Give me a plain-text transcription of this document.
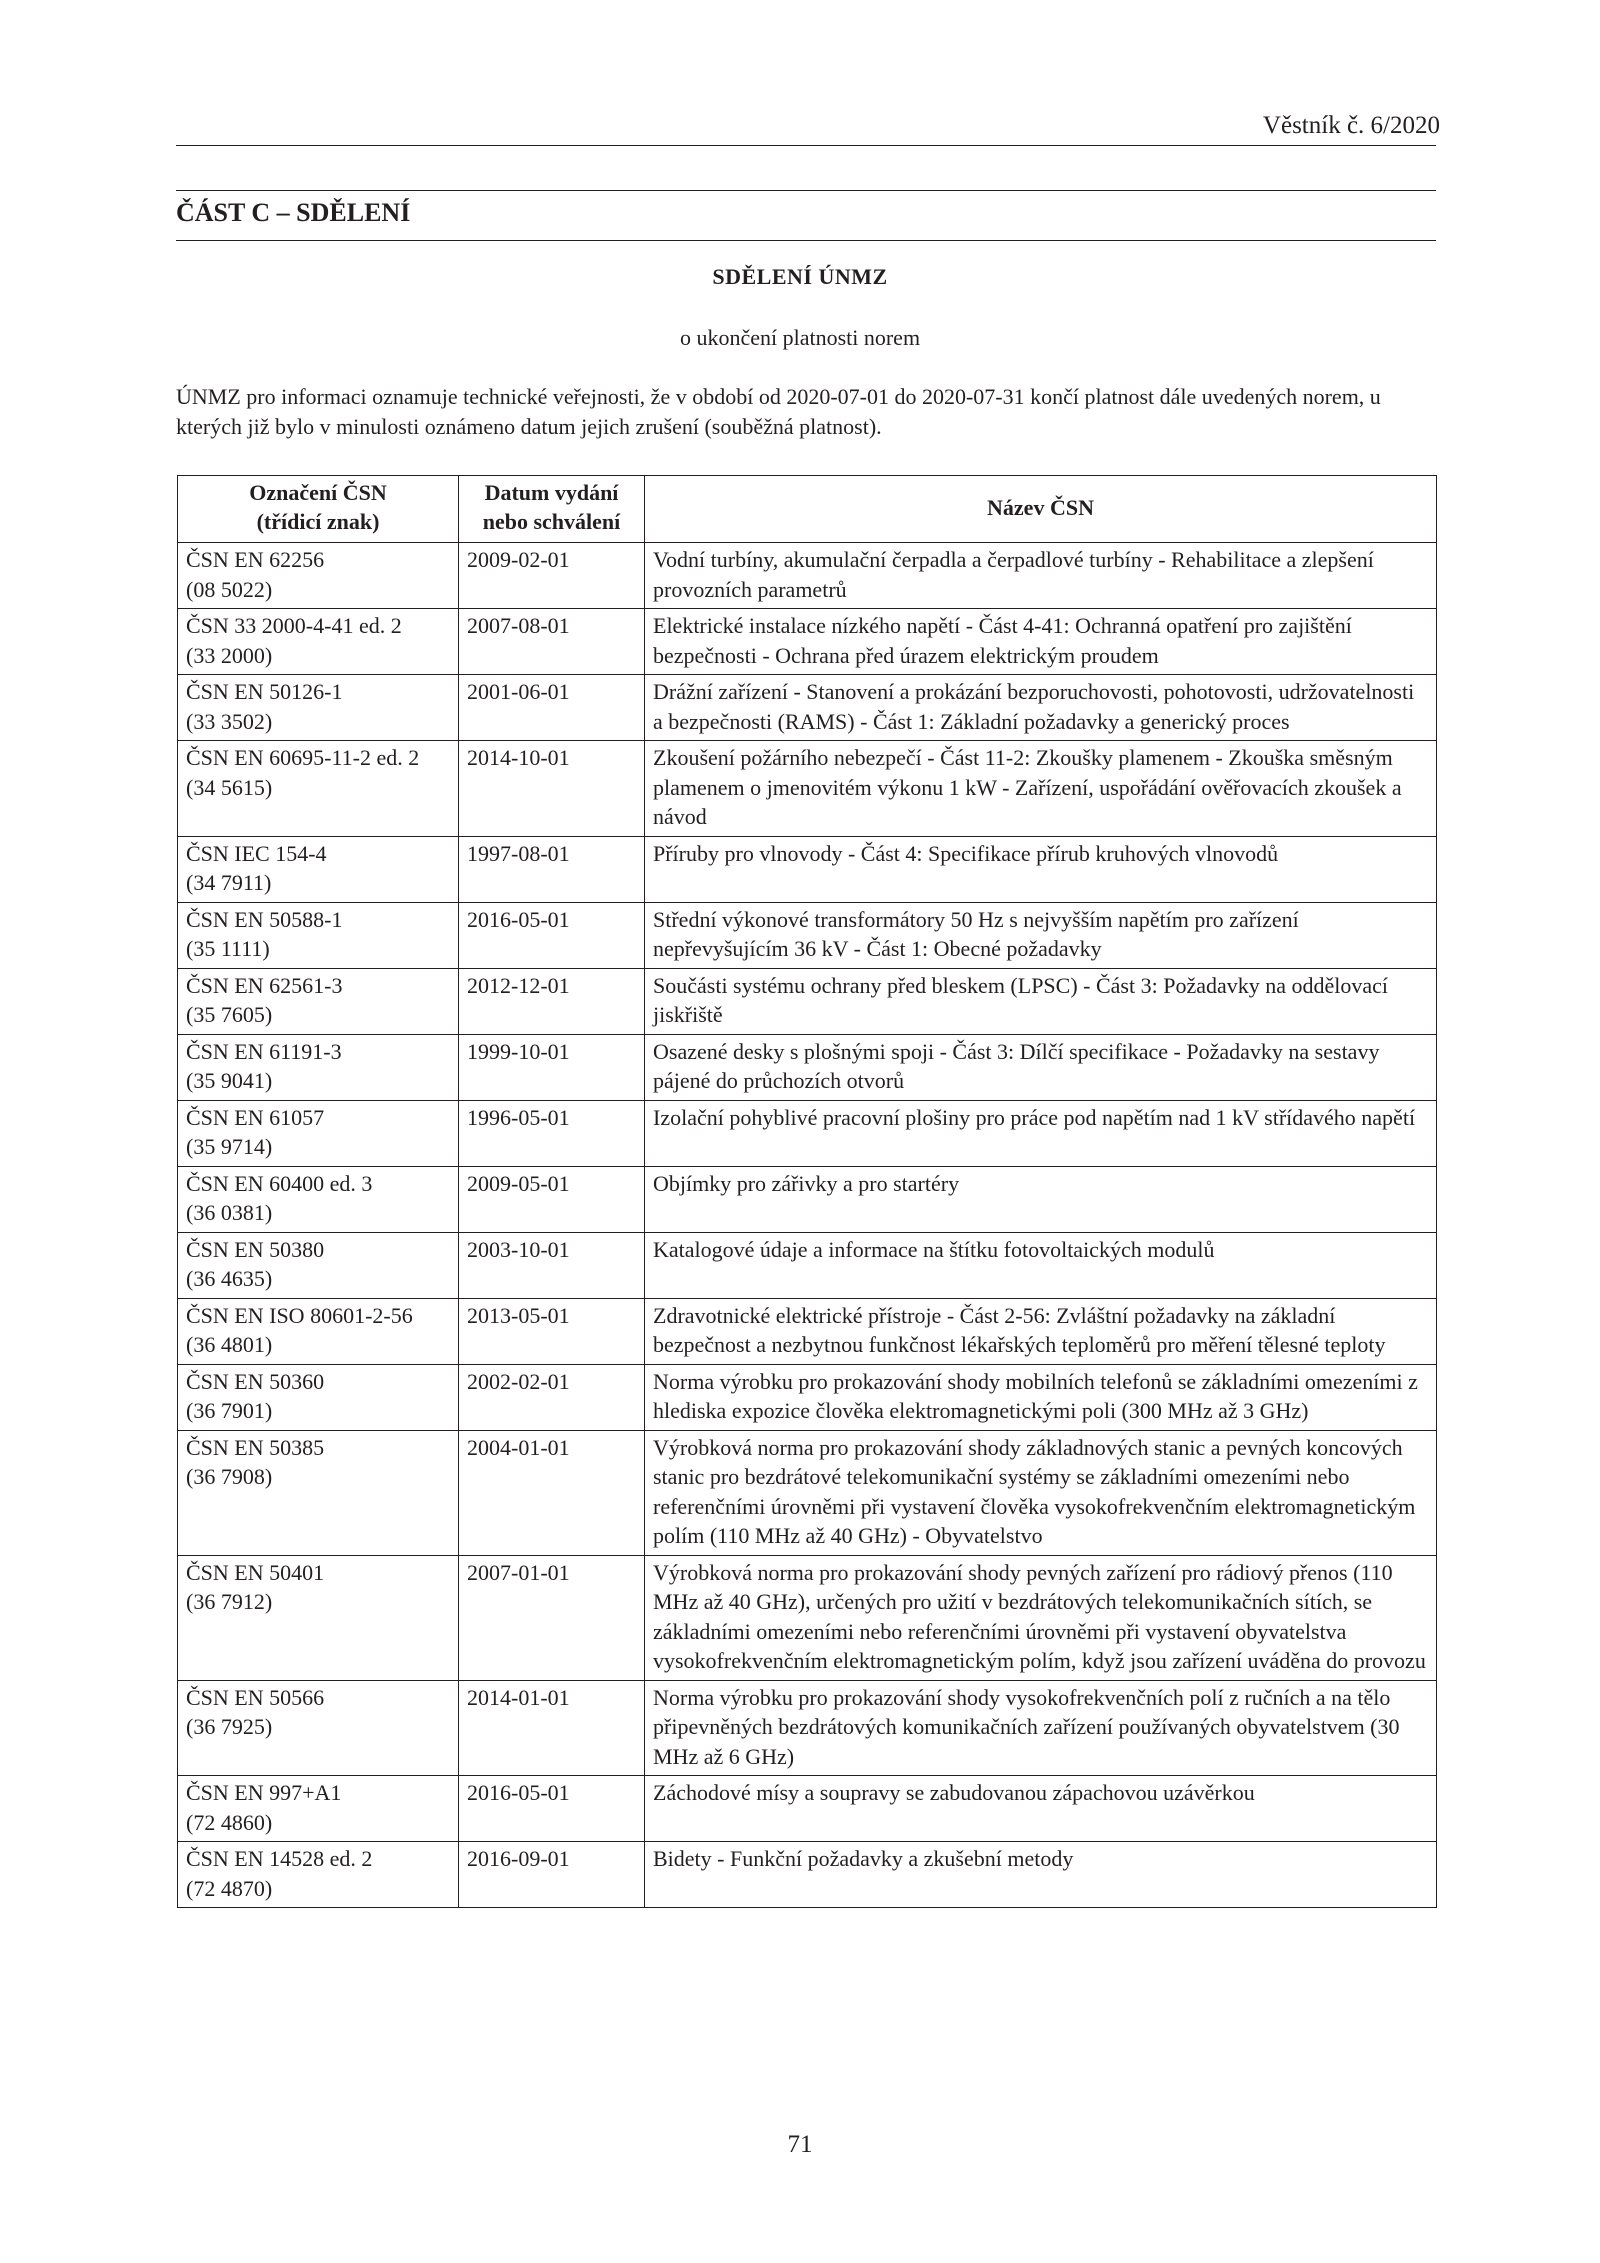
Věstník č. 6/2020
ČÁST C – SDĚLENÍ
SDĚLENÍ ÚNMZ
o ukončení platnosti norem

ÚNMZ pro informaci oznamuje technické veřejnosti, že v období od 2020-07-01 do 2020-07-31 končí platnost dále uvedených norem, u kterých již bylo v minulosti oznámeno datum jejich zrušení (souběžná platnost).

Označení ČSN
(třídicí znak)	Datum vydání
nebo schválení	Název ČSN
ČSN EN 62256
(08 5022)	2009-02-01	Vodní turbíny, akumulační čerpadla a čerpadlové turbíny - Rehabilitace a zlepšení provozních parametrů
ČSN 33 2000-4-41 ed. 2
(33 2000)	2007-08-01	Elektrické instalace nízkého napětí - Část 4-41: Ochranná opatření pro zajištění bezpečnosti - Ochrana před úrazem elektrickým proudem
ČSN EN 50126-1
(33 3502)	2001-06-01	Drážní zařízení - Stanovení a prokázání bezporuchovosti, pohotovosti, udržovatelnosti a bezpečnosti (RAMS) - Část 1: Základní požadavky a generický proces
ČSN EN 60695-11-2 ed. 2
(34 5615)	2014-10-01	Zkoušení požárního nebezpečí - Část 11-2: Zkoušky plamenem - Zkouška směsným plamenem o jmenovitém výkonu 1 kW - Zařízení, uspořádání ověřovacích zkoušek a návod
ČSN IEC 154-4
(34 7911)	1997-08-01	Příruby pro vlnovody - Část 4: Specifikace přírub kruhových vlnovodů
ČSN EN 50588-1
(35 1111)	2016-05-01	Střední výkonové transformátory 50 Hz s nejvyšším napětím pro zařízení nepřevyšujícím 36 kV - Část 1: Obecné požadavky
ČSN EN 62561-3
(35 7605)	2012-12-01	Součásti systému ochrany před bleskem (LPSC) - Část 3: Požadavky na oddělovací jiskřiště
ČSN EN 61191-3
(35 9041)	1999-10-01	Osazené desky s plošnými spoji - Část 3: Dílčí specifikace - Požadavky na sestavy pájené do průchozích otvorů
ČSN EN 61057
(35 9714)	1996-05-01	Izolační pohyblivé pracovní plošiny pro práce pod napětím nad 1 kV střídavého napětí
ČSN EN 60400 ed. 3
(36 0381)	2009-05-01	Objímky pro zářivky a pro startéry
ČSN EN 50380
(36 4635)	2003-10-01	Katalogové údaje a informace na štítku fotovoltaických modulů
ČSN EN ISO 80601-2-56
(36 4801)	2013-05-01	Zdravotnické elektrické přístroje - Část 2-56: Zvláštní požadavky na základní bezpečnost a nezbytnou funkčnost lékařských teploměrů pro měření tělesné teploty
ČSN EN 50360
(36 7901)	2002-02-01	Norma výrobku pro prokazování shody mobilních telefonů se základními omezeními z hlediska expozice člověka elektromagnetickými poli (300 MHz až 3 GHz)
ČSN EN 50385
(36 7908)	2004-01-01	Výrobková norma pro prokazování shody základnových stanic a pevných koncových stanic pro bezdrátové telekomunikační systémy se základními omezeními nebo referenčními úrovněmi při vystavení člověka vysokofrekvenčním elektromagnetickým polím (110 MHz až 40 GHz) - Obyvatelstvo
ČSN EN 50401
(36 7912)	2007-01-01	Výrobková norma pro prokazování shody pevných zařízení pro rádiový přenos (110 MHz až 40 GHz), určených pro užití v bezdrátových telekomunikačních sítích, se základními omezeními nebo referenčními úrovněmi při vystavení obyvatelstva vysokofrekvenčním elektromagnetickým polím, když jsou zařízení uváděna do provozu
ČSN EN 50566
(36 7925)	2014-01-01	Norma výrobku pro prokazování shody vysokofrekvenčních polí z ručních a na tělo připevněných bezdrátových komunikačních zařízení používaných obyvatelstvem (30 MHz až 6 GHz)
ČSN EN 997+A1
(72 4860)	2016-05-01	Záchodové mísy a soupravy se zabudovanou zápachovou uzávěrkou
ČSN EN 14528 ed. 2
(72 4870)	2016-09-01	Bidety - Funkční požadavky a zkušební metody
71
